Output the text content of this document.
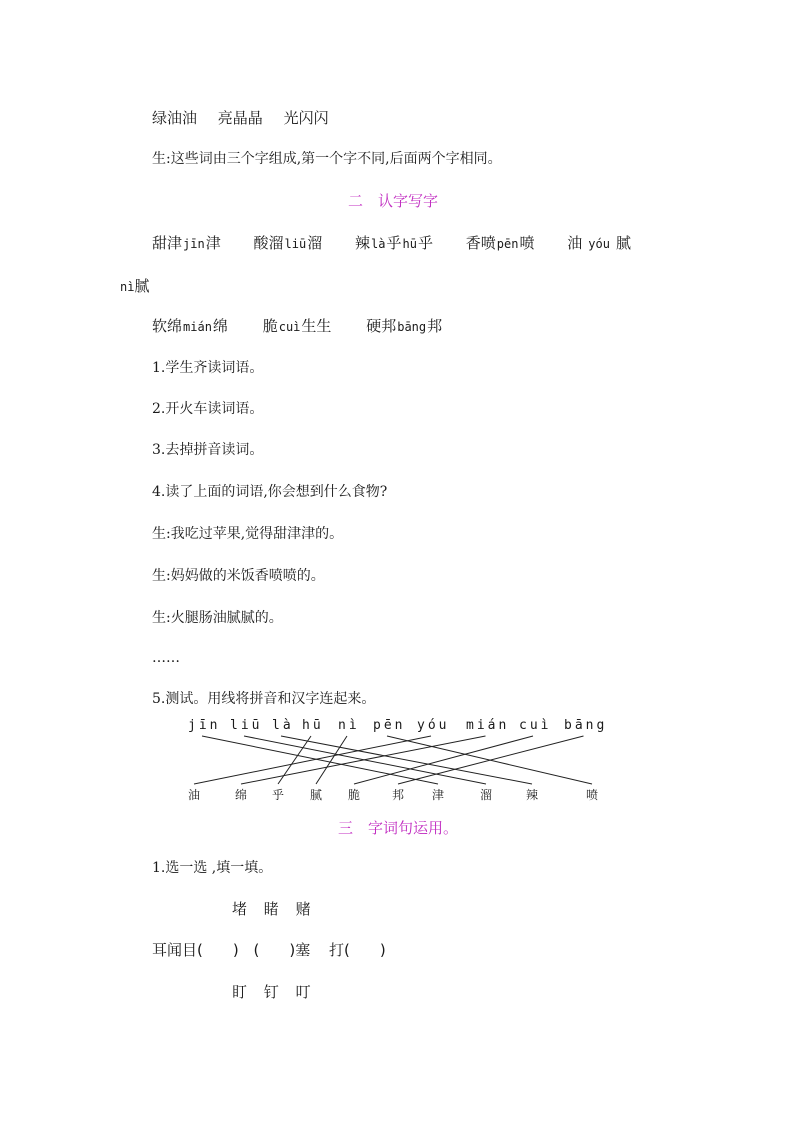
绿油油 亮晶晶 光闪闪
生:这些词由三个字组成,第一个字不同,后面两个字相同。
二　认字写字
甜津jīn津 酸溜liū溜 辣là乎hū乎 香喷pēn喷 油 yóu 腻
nì腻
软绵mián绵 脆cuì生生 硬邦bāng邦
1.学生齐读词语。
2.开火车读词语。
3.去掉拼音读词。
4.读了上面的词语,你会想到什么食物?
生:我吃过苹果,觉得甜津津的。
生:妈妈做的米饭香喷喷的。
生:火腿肠油腻腻的。
……
5.测试。用线将拼音和汉字连起来。
jīn liū là hū nì pēn yóu mián cuì bāng
油	绵 乎 腻 脆	邦 津	溜	辣	喷
三　字词句运用。
1.选一选 ,填一填。
堵 睹 赌
耳闻目(　　) (　　)塞 打(　　)
盯 钉 叮
